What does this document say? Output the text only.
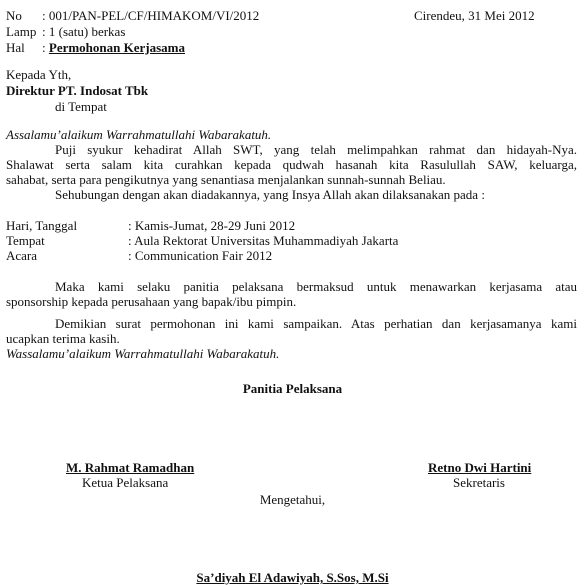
No : 001/PAN-PEL/CF/HIMAKOM/VI/2012	Cirendeu, 31 Mei 2012
Lamp : 1 (satu) berkas
Hal : Permohonan Kerjasama
Kepada Yth,
Direktur PT. Indosat Tbk
di Tempat
Assalamu’alaikum Warrahmatullahi Wabarakatuh.
Puji syukur kehadirat Allah SWT, yang telah melimpahkan rahmat dan hidayah-Nya.
Shalawat serta salam kita curahkan kepada qudwah hasanah kita Rasulullah SAW, keluarga,
sahabat, serta para pengikutnya yang senantiasa menjalankan sunnah-sunnah Beliau.
Sehubungan dengan akan diadakannya, yang Insya Allah akan dilaksanakan pada :
Hari, Tanggal	: Kamis-Jumat, 28-29 Juni 2012
Tempat	: Aula Rektorat Universitas Muhammadiyah Jakarta
Acara	: Communication Fair 2012
Maka kami selaku panitia pelaksana bermaksud untuk menawarkan kerjasama atau
sponsorship kepada perusahaan yang bapak/ibu pimpin.
Demikian surat permohonan ini kami sampaikan. Atas perhatian dan kerjasamanya kami
ucapkan terima kasih.
Wassalamu’alaikum Warrahmatullahi Wabarakatuh.
Panitia Pelaksana
M. Rahmat Ramadhan
Ketua Pelaksana
Retno Dwi Hartini
Sekretaris
Mengetahui,
Sa’diyah El Adawiyah, S.Sos, M.Si
